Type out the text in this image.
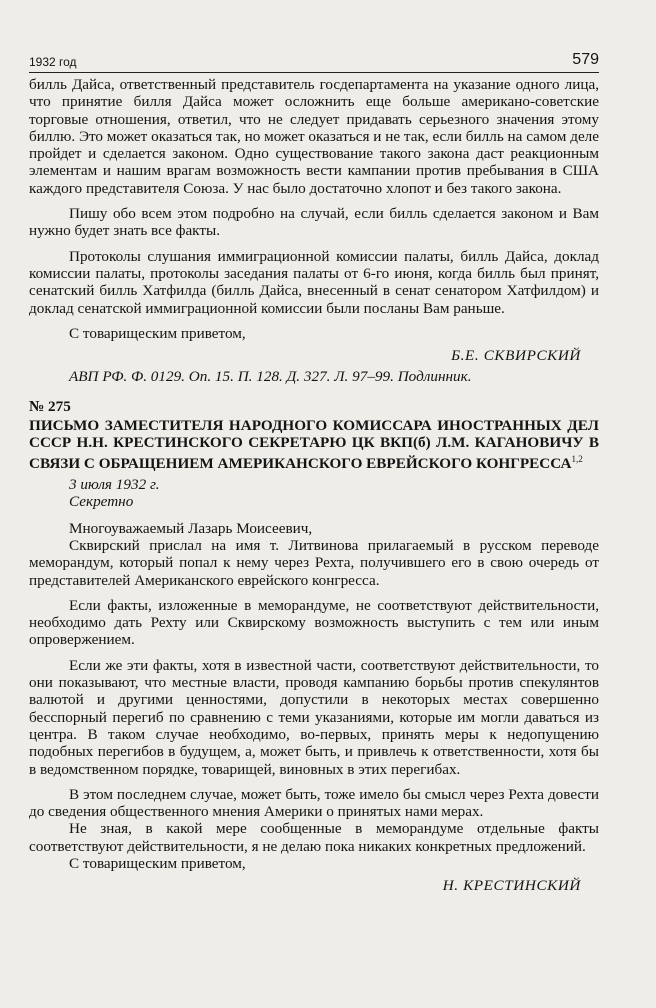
1932 год	579

билль Дайса, ответственный представитель госдепартамента на указание одного лица, что принятие билля Дайса может осложнить еще больше американо-советские торговые отношения, ответил, что не следует придавать серьезного значения этому биллю. Это может оказаться так, но может оказаться и не так, если билль на самом деле пройдет и сделается законом. Одно существование такого закона даст реакционным элементам и нашим врагам возможность вести кампании против пребывания в США каждого представителя Союза. У нас было достаточно хлопот и без такого закона.

Пишу обо всем этом подробно на случай, если билль сделается законом и Вам нужно будет знать все факты.

Протоколы слушания иммиграционной комиссии палаты, билль Дайса, доклад комиссии палаты, протоколы заседания палаты от 6-го июня, когда билль был принят, сенатский билль Хатфилда (билль Дайса, внесенный в сенат сенатором Хатфилдом) и доклад сенатской иммиграционной комиссии были посланы Вам раньше.

С товарищеским приветом,

Б.Е. СКВИРСКИЙ

АВП РФ. Ф. 0129. Оп. 15. П. 128. Д. 327. Л. 97–99. Подлинник.

№ 275

ПИСЬМО ЗАМЕСТИТЕЛЯ НАРОДНОГО КОМИССАРА ИНОСТРАННЫХ ДЕЛ СССР Н.Н. КРЕСТИНСКОГО СЕКРЕТАРЮ ЦК ВКП(б) Л.М. КАГАНОВИЧУ В СВЯЗИ С ОБРАЩЕНИЕМ АМЕРИКАНСКОГО ЕВРЕЙСКОГО КОНГРЕССА$^{1,2}$

3 июля 1932 г.

Секретно

Многоуважаемый Лазарь Моисеевич,

Сквирский прислал на имя т. Литвинова прилагаемый в русском переводе меморандум, который попал к нему через Рехта, получившего его в свою очередь от представителей Американского еврейского конгресса.

Если факты, изложенные в меморандуме, не соответствуют действительности, необходимо дать Рехту или Сквирскому возможность выступить с тем или иным опровержением.

Если же эти факты, хотя в известной части, соответствуют действительности, то они показывают, что местные власти, проводя кампанию борьбы против спекулянтов валютой и другими ценностями, допустили в некоторых местах совершенно бесспорный перегиб по сравнению с теми указаниями, которые им могли даваться из центра. В таком случае необходимо, во-первых, принять меры к недопущению подобных перегибов в будущем, а, может быть, и привлечь к ответственности, хотя бы в ведомственном порядке, товарищей, виновных в этих перегибах.

В этом последнем случае, может быть, тоже имело бы смысл через Рехта довести до сведения общественного мнения Америки о принятых нами мерах.

Не зная, в какой мере сообщенные в меморандуме отдельные факты соответствуют действительности, я не делаю пока никаких конкретных предложений.

С товарищеским приветом,

Н. КРЕСТИНСКИЙ
